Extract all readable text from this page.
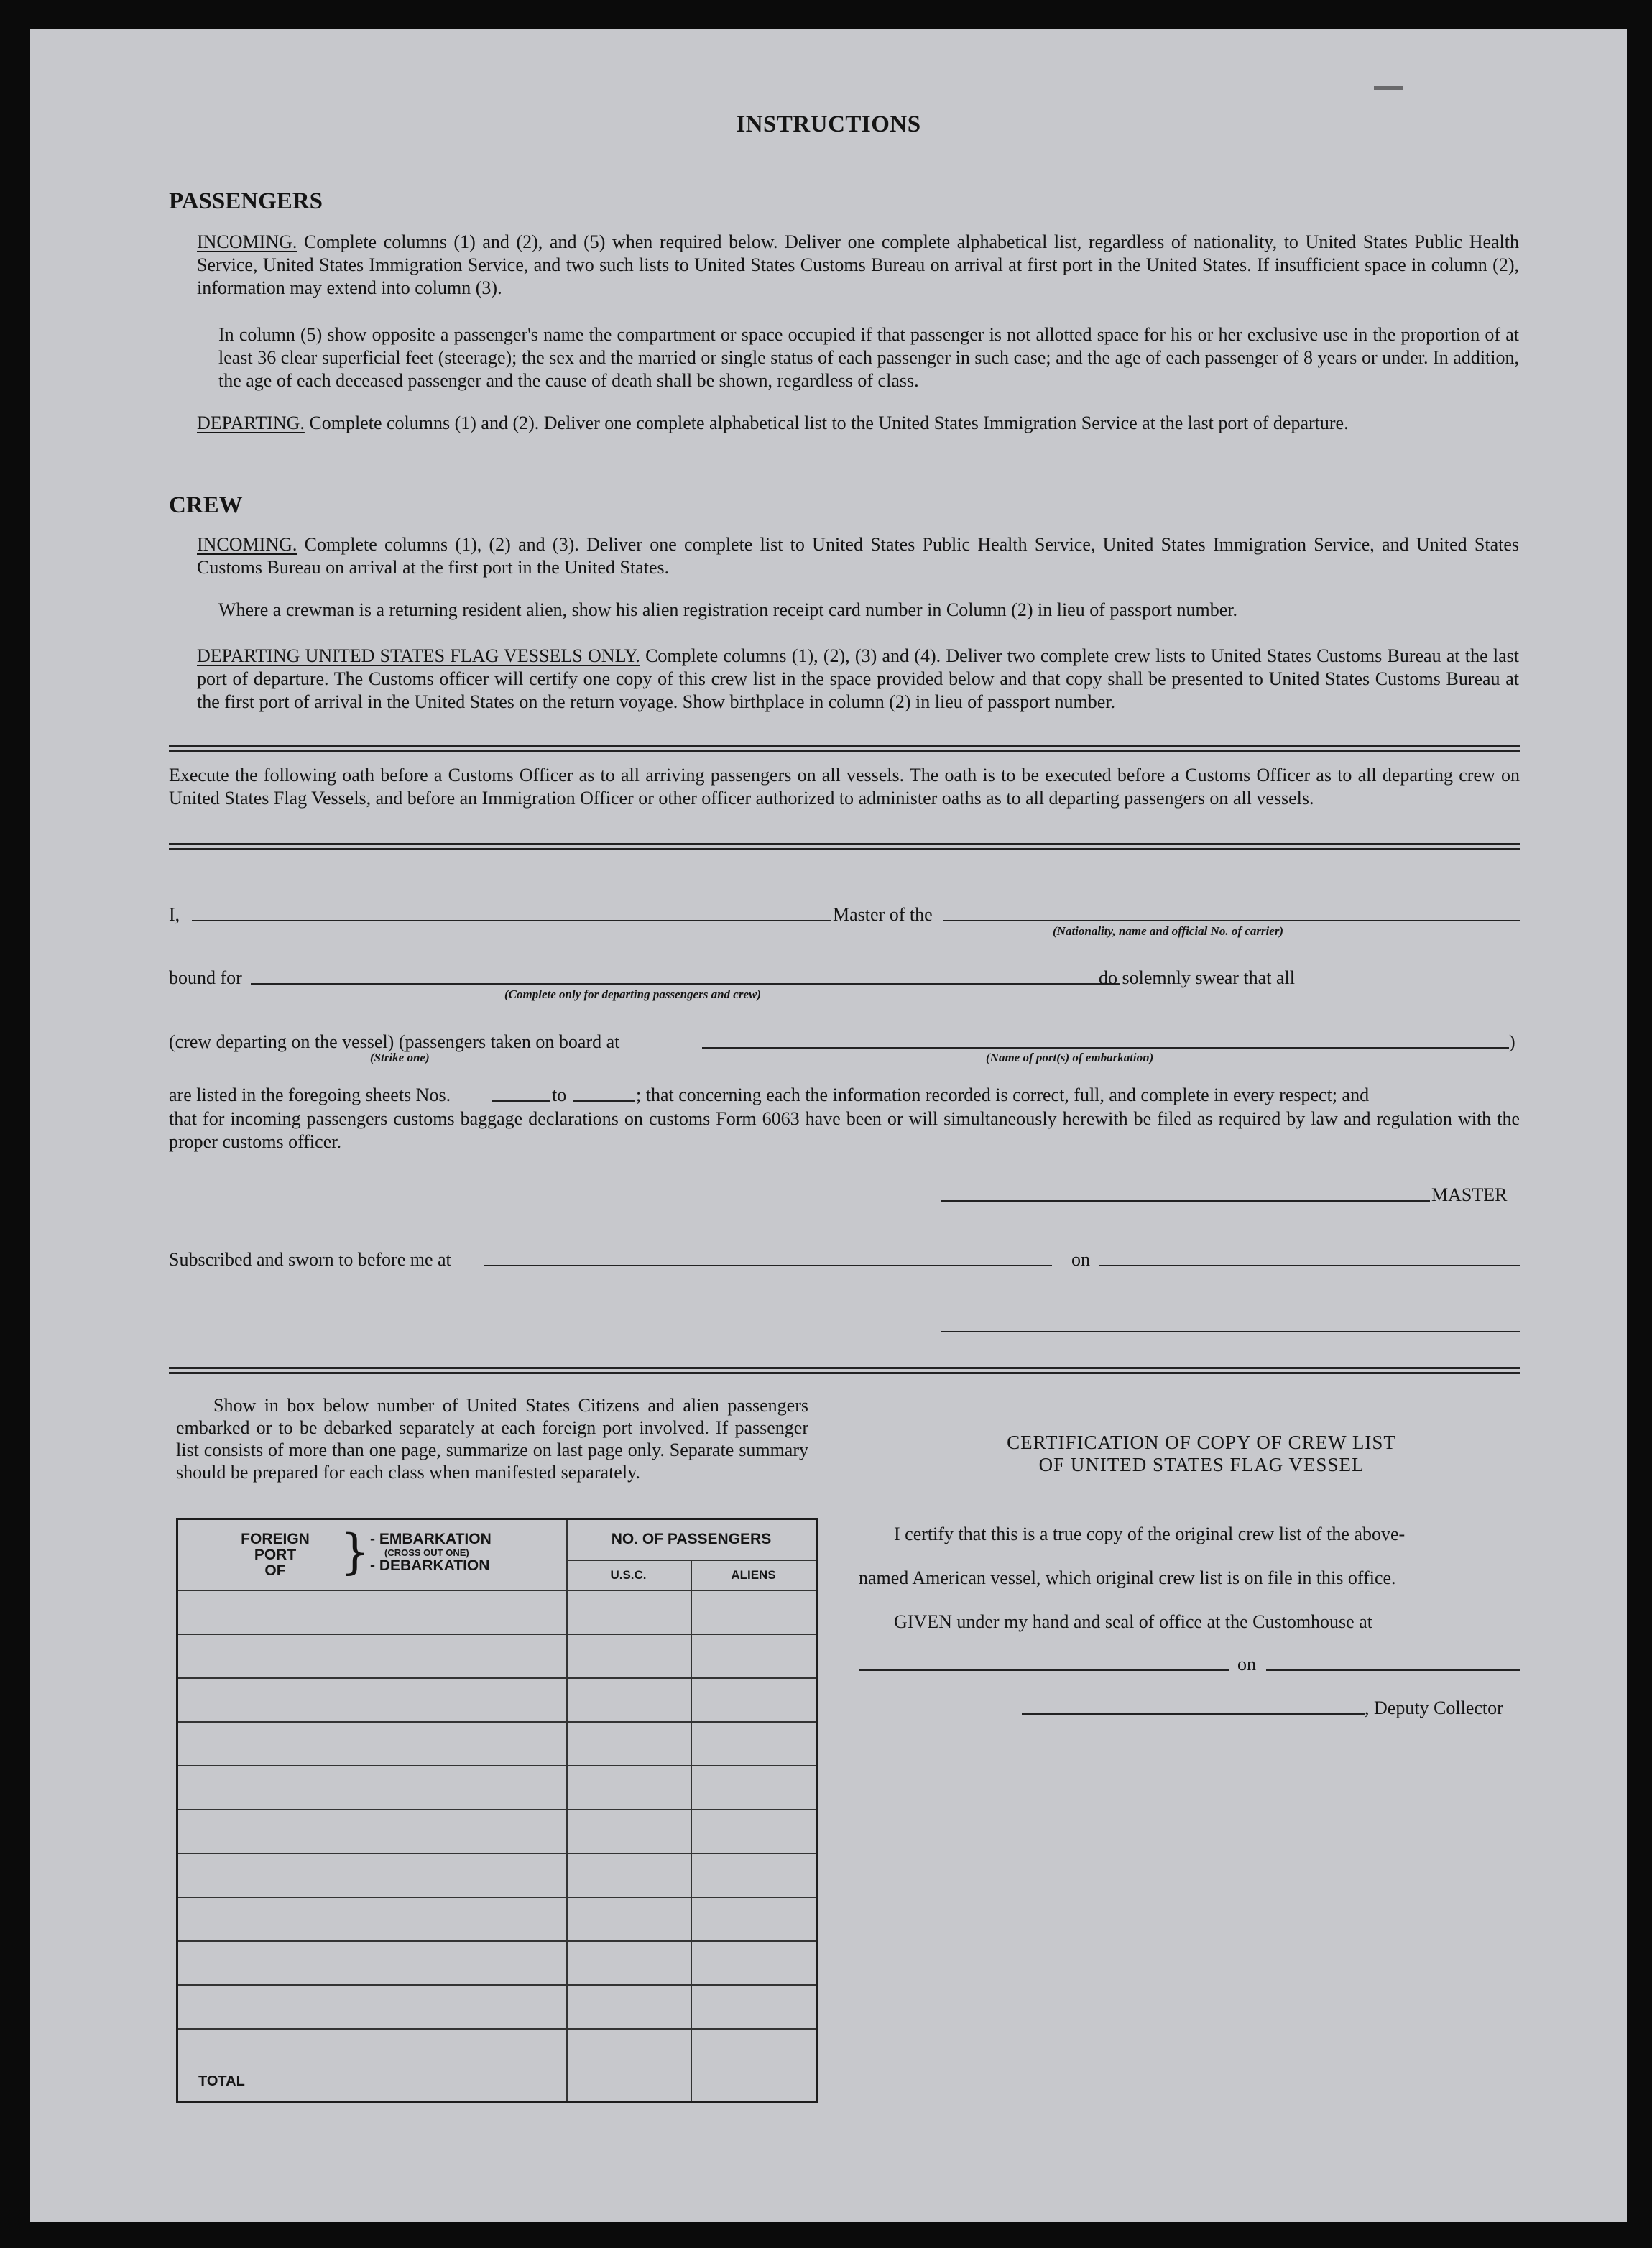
INSTRUCTIONS
PASSENGERS
INCOMING. Complete columns (1) and (2), and (5) when required below. Deliver one complete alphabetical list, regardless of nationality, to United States Public Health Service, United States Immigration Service, and two such lists to United States Customs Bureau on arrival at first port in the United States. If insufficient space in column (2), information may extend into column (3).
In column (5) show opposite a passenger's name the compartment or space occupied if that passenger is not allotted space for his or her exclusive use in the proportion of at least 36 clear superficial feet (steerage); the sex and the married or single status of each passenger in such case; and the age of each passenger of 8 years or under. In addition, the age of each deceased passenger and the cause of death shall be shown, regardless of class.
DEPARTING. Complete columns (1) and (2). Deliver one complete alphabetical list to the United States Immigration Service at the last port of departure.
CREW
INCOMING. Complete columns (1), (2) and (3). Deliver one complete list to United States Public Health Service, United States Immigration Service, and United States Customs Bureau on arrival at the first port in the United States.
Where a crewman is a returning resident alien, show his alien registration receipt card number in Column (2) in lieu of passport number.
DEPARTING UNITED STATES FLAG VESSELS ONLY. Complete columns (1), (2), (3) and (4). Deliver two complete crew lists to United States Customs Bureau at the last port of departure. The Customs officer will certify one copy of this crew list in the space provided below and that copy shall be presented to United States Customs Bureau at the first port of arrival in the United States on the return voyage. Show birthplace in column (2) in lieu of passport number.
Execute the following oath before a Customs Officer as to all arriving passengers on all vessels. The oath is to be executed before a Customs Officer as to all departing crew on United States Flag Vessels, and before an Immigration Officer or other officer authorized to administer oaths as to all departing passengers on all vessels.
I,	Master of the
(Nationality, name and official No. of carrier)
bound for
(Complete only for departing passengers and crew)
do solemnly swear that all
(crew departing on the vessel) (passengers taken on board at	)
(Strike one)	(Name of port(s) of embarkation)
are listed in the foregoing sheets Nos.	to	; that concerning each the information recorded is correct, full, and complete in every respect; and
that for incoming passengers customs baggage declarations on customs Form 6063 have been or will simultaneously herewith be filed as required by law and regulation with the proper customs officer.
MASTER
Subscribed and sworn to before me at	on
Show in box below number of United States Citizens and alien passengers embarked or to be debarked separately at each foreign port involved. If passenger list consists of more than one page, summarize on last page only. Separate summary should be prepared for each class when manifested separately.
FOREIGN
PORT
OF	} - EMBARKATION
(CROSS OUT ONE)
- DEBARKATION
NO. OF PASSENGERS
U.S.C.	ALIENS
TOTAL
CERTIFICATION OF COPY OF CREW LIST
OF UNITED STATES FLAG VESSEL
I certify that this is a true copy of the original crew list of the above-
named American vessel, which original crew list is on file in this office.
GIVEN under my hand and seal of office at the Customhouse at
on
, Deputy Collector
